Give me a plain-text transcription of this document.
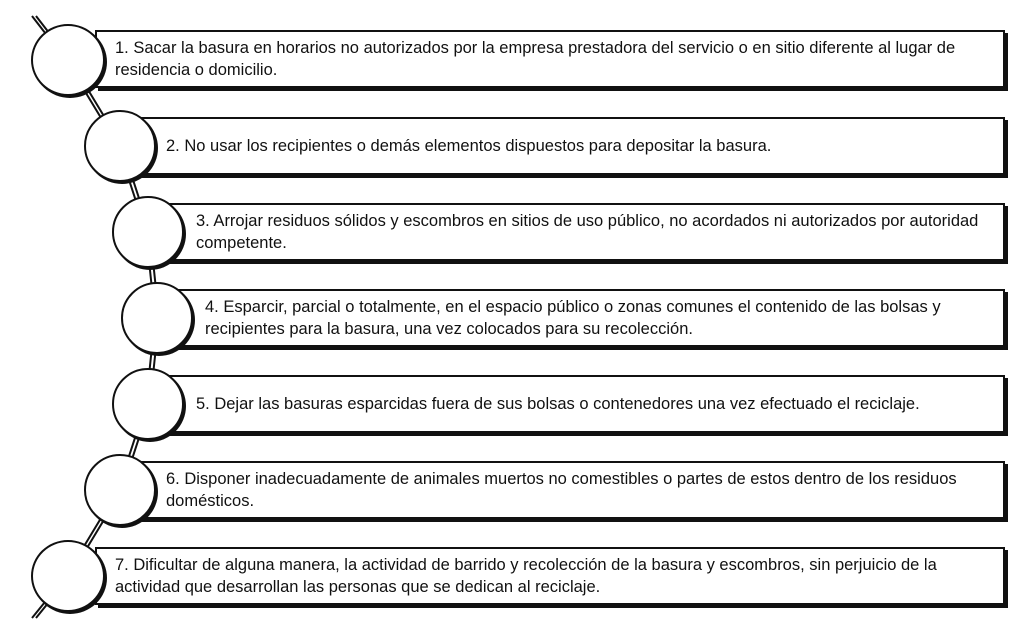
1. Sacar la basura en horarios no autorizados por la empresa prestadora del servicio o en sitio diferente al lugar de residencia o domicilio.
2. No usar los recipientes o demás elementos dispuestos para depositar la basura.
3. Arrojar residuos sólidos y escombros en sitios de uso público, no acordados ni autorizados por autoridad competente.
4. Esparcir, parcial o totalmente, en el espacio público o zonas comunes el contenido de las bolsas y recipientes para la basura, una vez colocados para su recolección.
5. Dejar las basuras esparcidas fuera de sus bolsas o contenedores una vez efectuado el reciclaje.
6. Disponer inadecuadamente de animales muertos no comestibles o partes de estos dentro de los residuos domésticos.
7. Dificultar de alguna manera, la actividad de barrido y recolección de la basura y escombros, sin perjuicio de la actividad que desarrollan las personas que se dedican al reciclaje.
